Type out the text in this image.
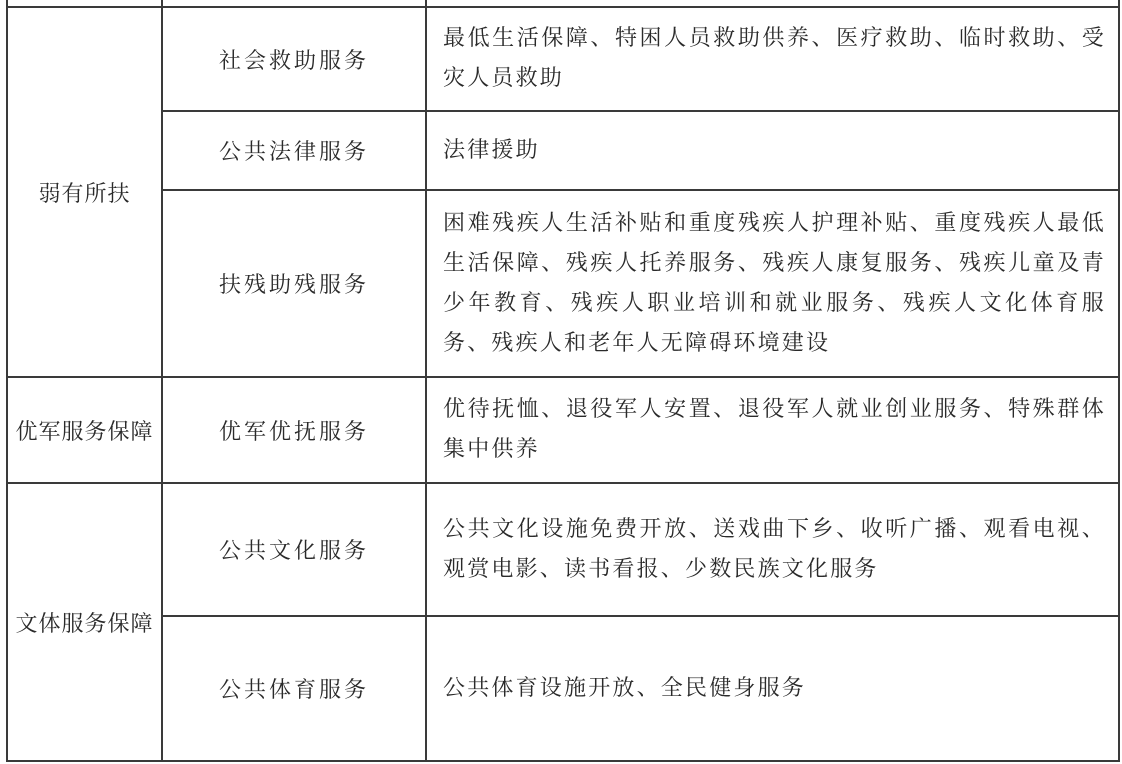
弱有所扶	社会救助服务	最低生活保障、特困人员救助供养、医疗救助、临时救助、受灾人员救助
	公共法律服务	法律援助
	扶残助残服务	困难残疾人生活补贴和重度残疾人护理补贴、重度残疾人最低生活保障、残疾人托养服务、残疾人康复服务、残疾儿童及青少年教育、残疾人职业培训和就业服务、残疾人文化体育服务、残疾人和老年人无障碍环境建设
优军服务保障	优军优抚服务	优待抚恤、退役军人安置、退役军人就业创业服务、特殊群体集中供养
文体服务保障	公共文化服务	公共文化设施免费开放、送戏曲下乡、收听广播、观看电视、观赏电影、读书看报、少数民族文化服务
	公共体育服务	公共体育设施开放、全民健身服务
